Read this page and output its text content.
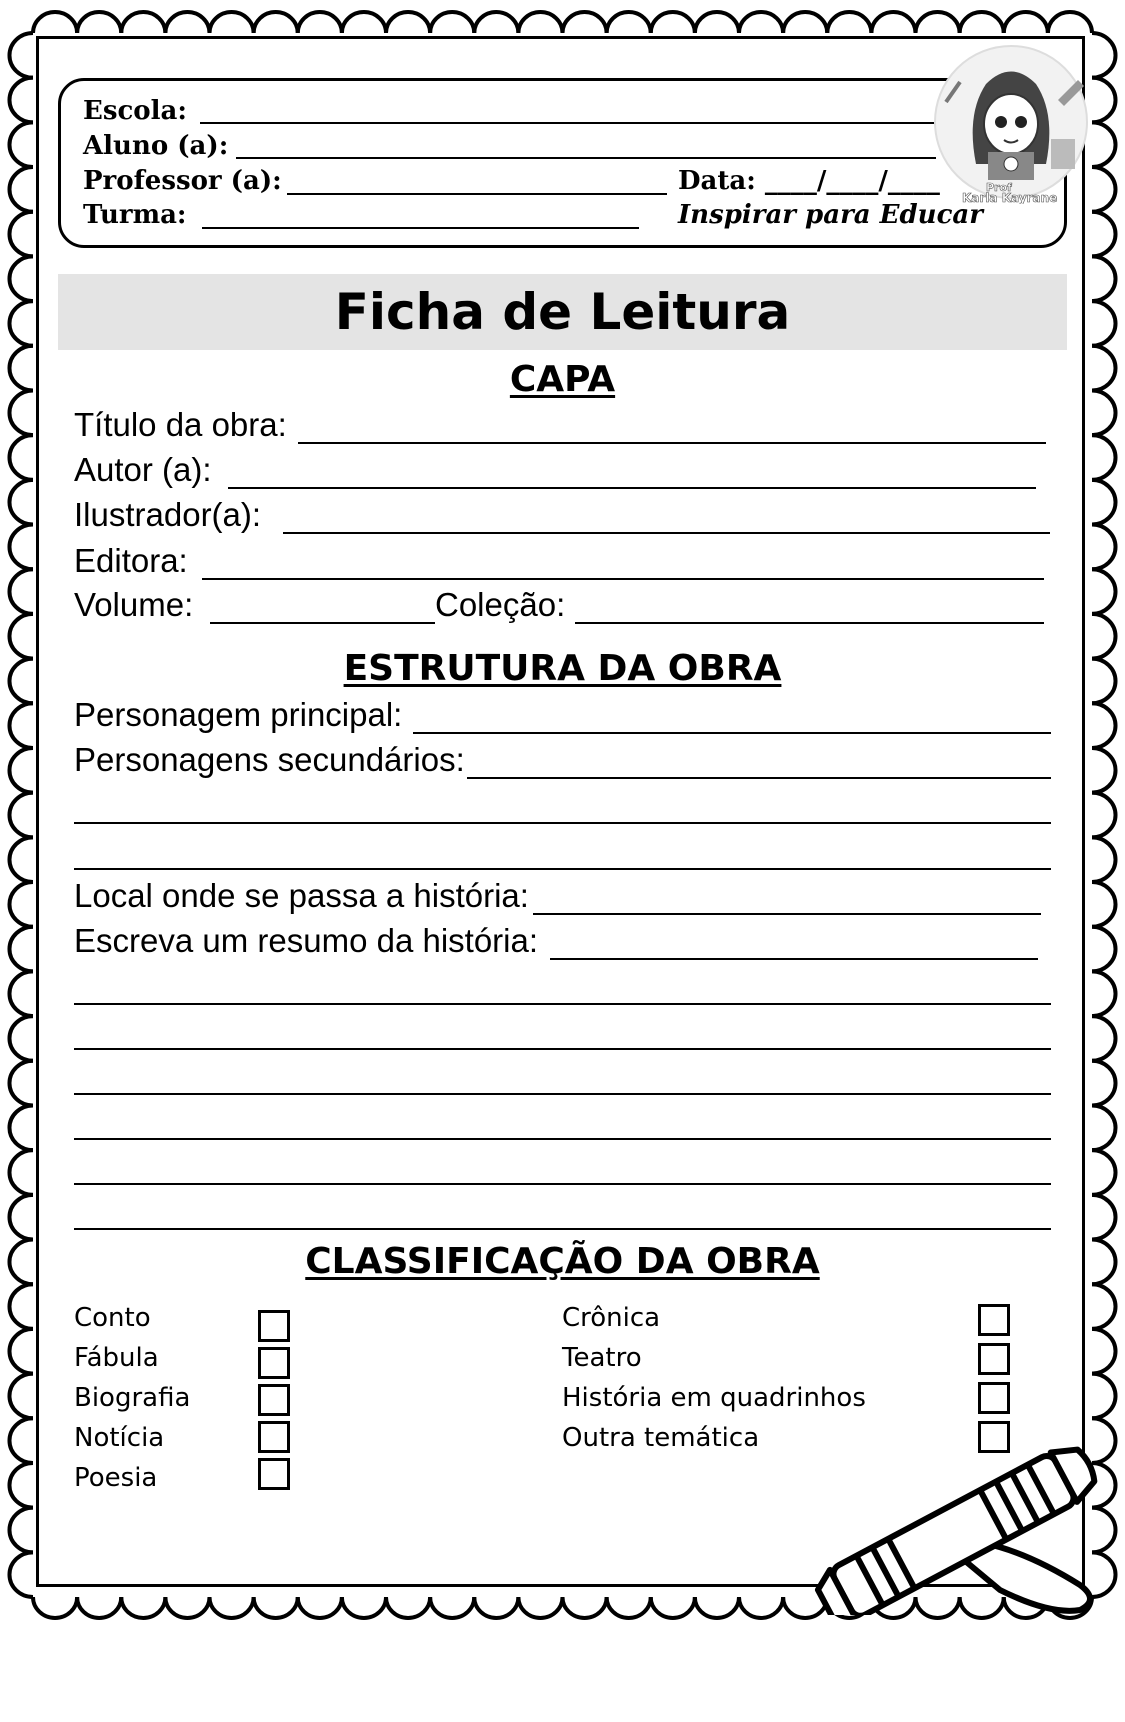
Escola:
Aluno (a):
Professor (a):	Data: ____/____/____
Turma:	Inspirar para Educar
Prof
Karla Kayrane
Ficha de Leitura
CAPA
Título da obra:
Autor (a):
Ilustrador(a):
Editora:
Volume:	Coleção:
ESTRUTURA DA OBRA
Personagem principal:
Personagens secundários:
Local onde se passa a história:
Escreva um resumo da história:
CLASSIFICAÇÃO DA OBRA
Conto
Fábula
Biografia
Notícia
Poesia
Crônica
Teatro
História em quadrinhos
Outra temática
